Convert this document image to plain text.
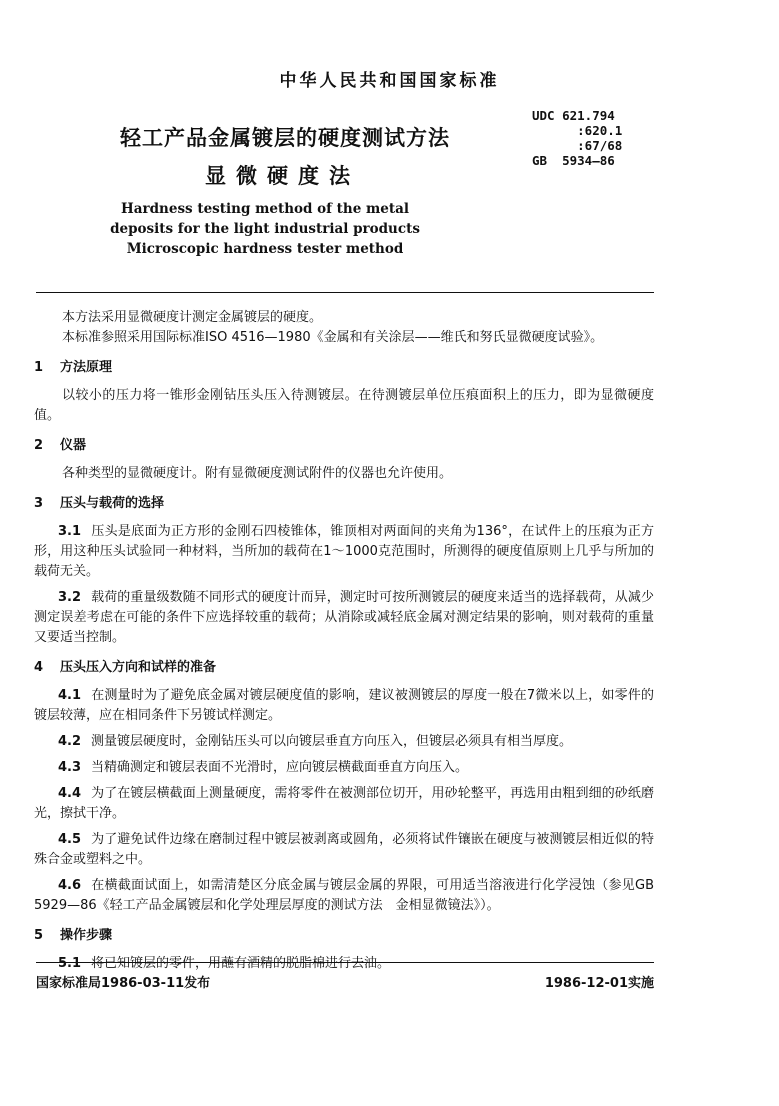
中华人民共和国国家标准
UDC 621.794
:620.1
:67/68
GB  5934—86
轻工产品金属镀层的硬度测试方法
显微硬度法
Hardness testing method of the metal
deposits for the light industrial products
Microscopic hardness tester method

本方法采用显微硬度计测定金属镀层的硬度。

本标准参照采用国际标准ISO 4516—1980《金属和有关涂层——维氏和努氏显微硬度试验》。

1 方法原理

以较小的压力将一锥形金刚钻压头压入待测镀层。在待测镀层单位压痕面积上的压力，即为显微硬度值。

2 仪器

各种类型的显微硬度计。附有显微硬度测试附件的仪器也允许使用。

3 压头与载荷的选择

3.1 压头是底面为正方形的金刚石四棱锥体，锥顶相对两面间的夹角为136°，在试件上的压痕为正方形，用这种压头试验同一种材料，当所加的载荷在1～1000克范围时，所测得的硬度值原则上几乎与所加的载荷无关。

3.2 载荷的重量级数随不同形式的硬度计而异，测定时可按所测镀层的硬度来适当的选择载荷，从减少测定误差考虑在可能的条件下应选择较重的载荷；从消除或减轻底金属对测定结果的影响，则对载荷的重量又要适当控制。

4 压头压入方向和试样的准备

4.1 在测量时为了避免底金属对镀层硬度值的影响，建议被测镀层的厚度一般在7微米以上，如零件的镀层较薄，应在相同条件下另镀试样测定。

4.2 测量镀层硬度时，金刚钻压头可以向镀层垂直方向压入，但镀层必须具有相当厚度。

4.3 当精确测定和镀层表面不光滑时，应向镀层横截面垂直方向压入。

4.4 为了在镀层横截面上测量硬度，需将零件在被测部位切开，用砂轮整平，再选用由粗到细的砂纸磨光，擦拭干净。

4.5 为了避免试件边缘在磨制过程中镀层被剥离或圆角，必须将试件镶嵌在硬度与被测镀层相近似的特殊合金或塑料之中。

4.6 在横截面试面上，如需清楚区分底金属与镀层金属的界限，可用适当溶液进行化学浸蚀（参见GB 5929—86《轻工产品金属镀层和化学处理层厚度的测试方法　金相显微镜法》）。

5 操作步骤

5.1 将已知镀层的零件，用蘸有酒精的脱脂棉进行去油。

国家标准局1986-03-11发布	1986-12-01实施
